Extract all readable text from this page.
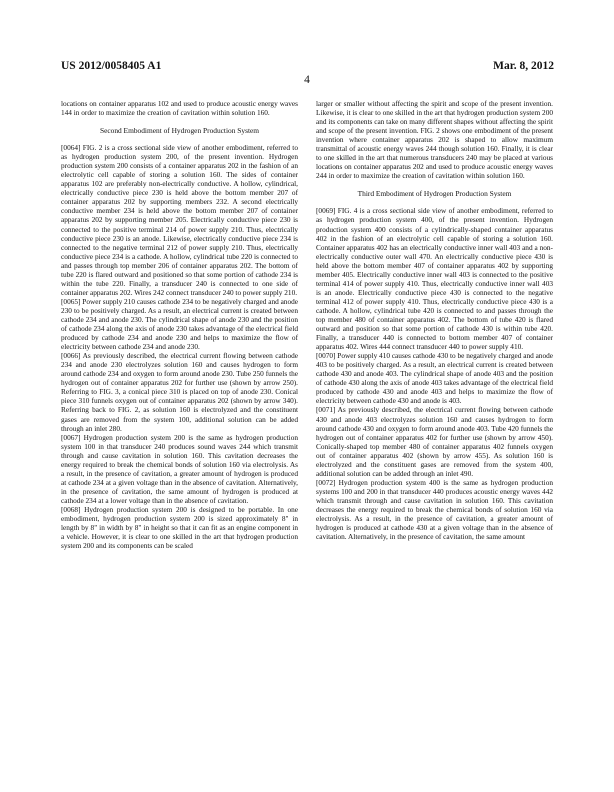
US 2012/0058405 A1	Mar. 8, 2012
4

locations on container apparatus 102 and used to produce acoustic energy waves 144 in order to maximize the creation of cavitation within solution 160.

Second Embodiment of Hydrogen Production System

[0064] FIG. 2 is a cross sectional side view of another embodiment, referred to as hydrogen production system 200, of the present invention. Hydrogen production system 200 consists of a container apparatus 202 in the fashion of an electrolytic cell capable of storing a solution 160. The sides of container apparatus 102 are preferably non-electrically conductive. A hollow, cylindrical, electrically conductive piece 230 is held above the bottom member 207 of container apparatus 202 by supporting members 232. A second electrically conductive member 234 is held above the bottom member 207 of container apparatus 202 by supporting member 205. Electrically conductive piece 230 is connected to the positive terminal 214 of power supply 210. Thus, electrically conductive piece 230 is an anode. Likewise, electrically conductive piece 234 is connected to the negative terminal 212 of power supply 210. Thus, electrically conductive piece 234 is a cathode. A hollow, cylindrical tube 220 is connected to and passes through top member 206 of container apparatus 202. The bottom of tube 220 is flared outward and positioned so that some portion of cathode 234 is within the tube 220. Finally, a transducer 240 is connected to one side of container apparatus 202. Wires 242 connect transducer 240 to power supply 210.

[0065] Power supply 210 causes cathode 234 to be negatively charged and anode 230 to be positively charged. As a result, an electrical current is created between cathode 234 and anode 230. The cylindrical shape of anode 230 and the position of cathode 234 along the axis of anode 230 takes advantage of the electrical field produced by cathode 234 and anode 230 and helps to maximize the flow of electricity between cathode 234 and anode 230.

[0066] As previously described, the electrical current flowing between cathode 234 and anode 230 electrolyzes solution 160 and causes hydrogen to form around cathode 234 and oxygen to form around anode 230. Tube 250 funnels the hydrogen out of container apparatus 202 for further use (shown by arrow 250). Referring to FIG. 3, a conical piece 310 is placed on top of anode 230. Conical piece 310 funnels oxygen out of container apparatus 202 (shown by arrow 340). Referring back to FIG. 2, as solution 160 is electrolyzed and the constituent gases are removed from the system 100, additional solution can be added through an inlet 280.

[0067] Hydrogen production system 200 is the same as hydrogen production system 100 in that transducer 240 produces sound waves 244 which transmit through and cause cavitation in solution 160. This cavitation decreases the energy required to break the chemical bonds of solution 160 via electrolysis. As a result, in the presence of cavitation, a greater amount of hydrogen is produced at cathode 234 at a given voltage than in the absence of cavitation. Alternatively, in the presence of cavitation, the same amount of hydrogen is produced at cathode 234 at a lower voltage than in the absence of cavitation.

[0068] Hydrogen production system 200 is designed to be portable. In one embodiment, hydrogen production system 200 is sized approximately 8" in length by 8" in width by 8" in height so that it can fit as an engine component in a vehicle. However, it is clear to one skilled in the art that hydrogen production system 200 and its components can be scaled

larger or smaller without affecting the spirit and scope of the present invention. Likewise, it is clear to one skilled in the art that hydrogen production system 200 and its components can take on many different shapes without affecting the spirit and scope of the present invention. FIG. 2 shows one embodiment of the present invention where container apparatus 202 is shaped to allow maximum transmittal of acoustic energy waves 244 though solution 160. Finally, it is clear to one skilled in the art that numerous transducers 240 may be placed at various locations on container apparatus 202 and used to produce acoustic energy waves 244 in order to maximize the creation of cavitation within solution 160.

Third Embodiment of Hydrogen Production System

[0069] FIG. 4 is a cross sectional side view of another embodiment, referred to as hydrogen production system 400, of the present invention. Hydrogen production system 400 consists of a cylindrically-shaped container apparatus 402 in the fashion of an electrolytic cell capable of storing a solution 160. Container apparatus 402 has an electrically conductive inner wall 403 and a non-electrically conductive outer wall 470. An electrically conductive piece 430 is held above the bottom member 407 of container apparatus 402 by supporting member 405. Electrically conductive inner wall 403 is connected to the positive terminal 414 of power supply 410. Thus, electrically conductive inner wall 403 is an anode. Electrically conductive piece 430 is connected to the negative terminal 412 of power supply 410. Thus, electrically conductive piece 430 is a cathode. A hollow, cylindrical tube 420 is connected to and passes through the top member 480 of container apparatus 402. The bottom of tube 420 is flared outward and position so that some portion of cathode 430 is within tube 420. Finally, a transducer 440 is connected to bottom member 407 of container apparatus 402. Wires 444 connect transducer 440 to power supply 410.

[0070] Power supply 410 causes cathode 430 to be negatively charged and anode 403 to be positively charged. As a result, an electrical current is created between cathode 430 and anode 403. The cylindrical shape of anode 403 and the position of cathode 430 along the axis of anode 403 takes advantage of the electrical field produced by cathode 430 and anode 403 and helps to maximize the flow of electricity between cathode 430 and anode is 403.

[0071] As previously described, the electrical current flowing between cathode 430 and anode 403 electrolyzes solution 160 and causes hydrogen to form around cathode 430 and oxygen to form around anode 403. Tube 420 funnels the hydrogen out of container apparatus 402 for further use (shown by arrow 450). Conically-shaped top member 480 of container apparatus 402 funnels oxygen out of container apparatus 402 (shown by arrow 455). As solution 160 is electrolyzed and the constituent gases are removed from the system 400, additional solution can be added through an inlet 490.

[0072] Hydrogen production system 400 is the same as hydrogen production systems 100 and 200 in that transducer 440 produces acoustic energy waves 442 which transmit through and cause cavitation in solution 160. This cavitation decreases the energy required to break the chemical bonds of solution 160 via electrolysis. As a result, in the presence of cavitation, a greater amount of hydrogen is produced at cathode 430 at a given voltage than in the absence of cavitation. Alternatively, in the presence of cavitation, the same amount
